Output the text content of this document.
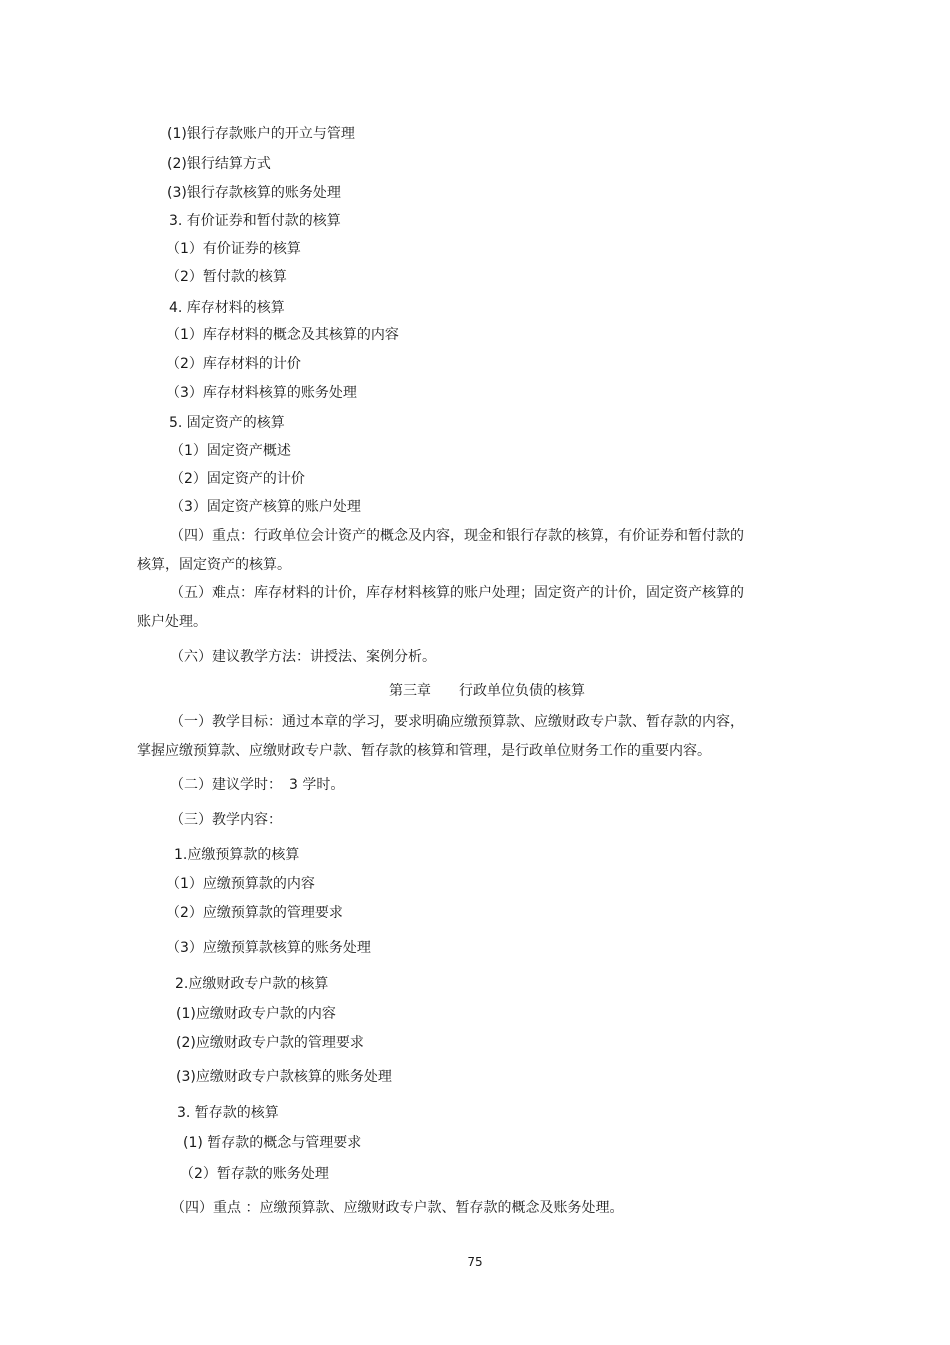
(1)银行存款账户的开立与管理
(2)银行结算方式
(3)银行存款核算的账务处理
3. 有价证券和暂付款的核算
（1）有价证券的核算
（2）暂付款的核算
4. 库存材料的核算
（1）库存材料的概念及其核算的内容
（2）库存材料的计价
（3）库存材料核算的账务处理
5. 固定资产的核算
（1）固定资产概述
（2）固定资产的计价
（3）固定资产核算的账户处理
（四）重点：行政单位会计资产的概念及内容，现金和银行存款的核算，有价证券和暂付款的
核算，固定资产的核算。
（五）难点：库存材料的计价，库存材料核算的账户处理；固定资产的计价，固定资产核算的
账户处理。
（六）建议教学方法：讲授法、案例分析。
第三章　　行政单位负债的核算
（一）教学目标：通过本章的学习，要求明确应缴预算款、应缴财政专户款、暂存款的内容，
掌握应缴预算款、应缴财政专户款、暂存款的核算和管理，是行政单位财务工作的重要内容。
（二）建议学时：　3 学时。
（三）教学内容：
1.应缴预算款的核算
（1）应缴预算款的内容
（2）应缴预算款的管理要求
（3）应缴预算款核算的账务处理
2.应缴财政专户款的核算
(1)应缴财政专户款的内容
(2)应缴财政专户款的管理要求
(3)应缴财政专户款核算的账务处理
3. 暂存款的核算
(1) 暂存款的概念与管理要求
（2）暂存款的账务处理
（四）重点 ：应缴预算款、应缴财政专户款、暂存款的概念及账务处理。
75
